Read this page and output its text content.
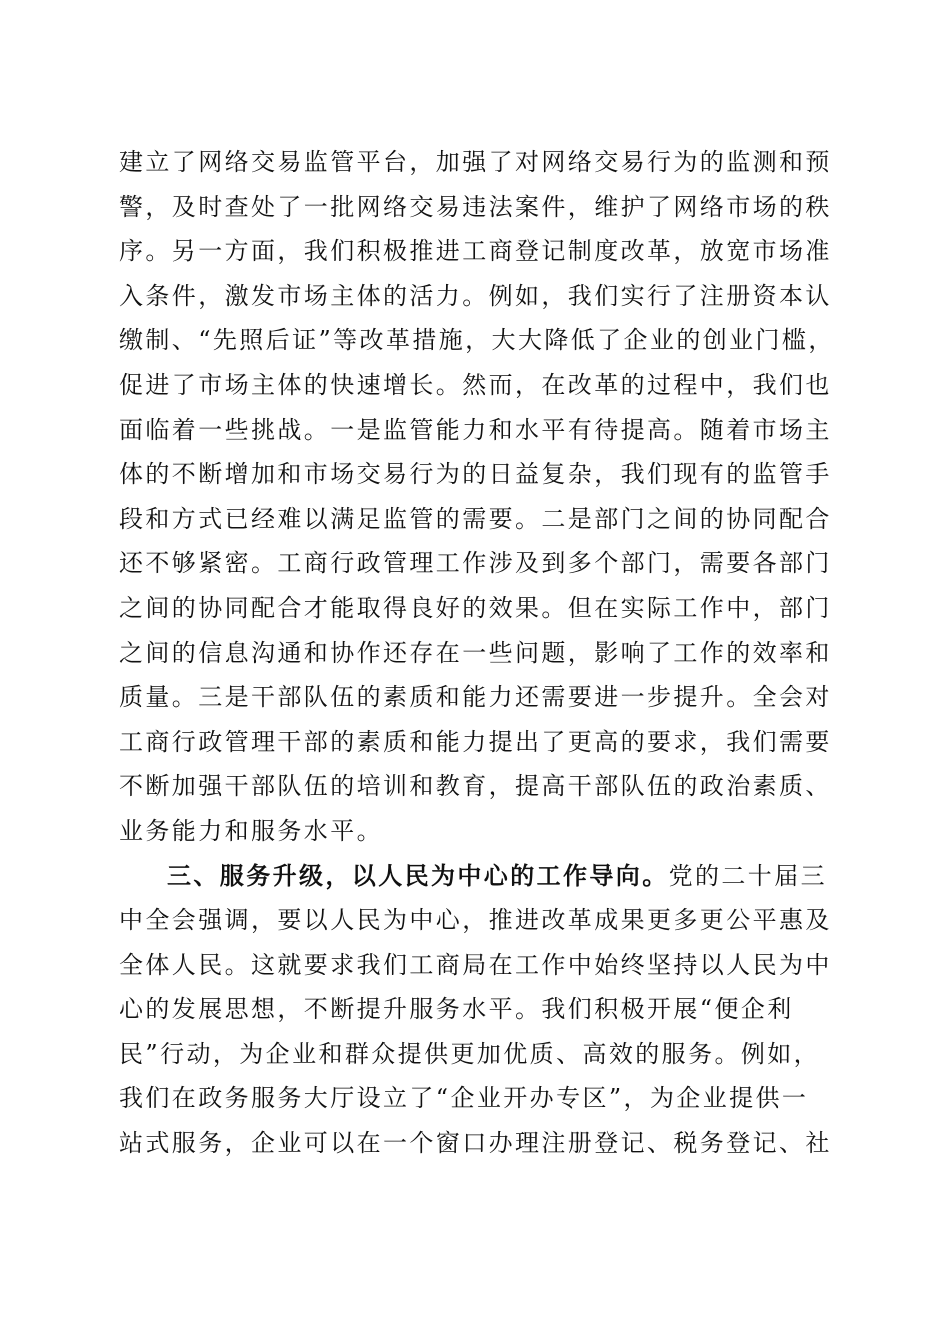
建立了网络交易监管平台，加强了对网络交易行为的监测和预
警，及时查处了一批网络交易违法案件，维护了网络市场的秩
序。另一方面，我们积极推进工商登记制度改革，放宽市场准
入条件，激发市场主体的活力。例如，我们实行了注册资本认
缴制、“先照后证”等改革措施，大大降低了企业的创业门槛，
促进了市场主体的快速增长。然而，在改革的过程中，我们也
面临着一些挑战。一是监管能力和水平有待提高。随着市场主
体的不断增加和市场交易行为的日益复杂，我们现有的监管手
段和方式已经难以满足监管的需要。二是部门之间的协同配合
还不够紧密。工商行政管理工作涉及到多个部门，需要各部门
之间的协同配合才能取得良好的效果。但在实际工作中，部门
之间的信息沟通和协作还存在一些问题，影响了工作的效率和
质量。三是干部队伍的素质和能力还需要进一步提升。全会对
工商行政管理干部的素质和能力提出了更高的要求，我们需要
不断加强干部队伍的培训和教育，提高干部队伍的政治素质、
业务能力和服务水平。
三、服务升级，以人民为中心的工作导向。党的二十届三
中全会强调，要以人民为中心，推进改革成果更多更公平惠及
全体人民。这就要求我们工商局在工作中始终坚持以人民为中
心的发展思想，不断提升服务水平。我们积极开展“便企利
民”行动，为企业和群众提供更加优质、高效的服务。例如，
我们在政务服务大厅设立了“企业开办专区”，为企业提供一
站式服务，企业可以在一个窗口办理注册登记、税务登记、社
